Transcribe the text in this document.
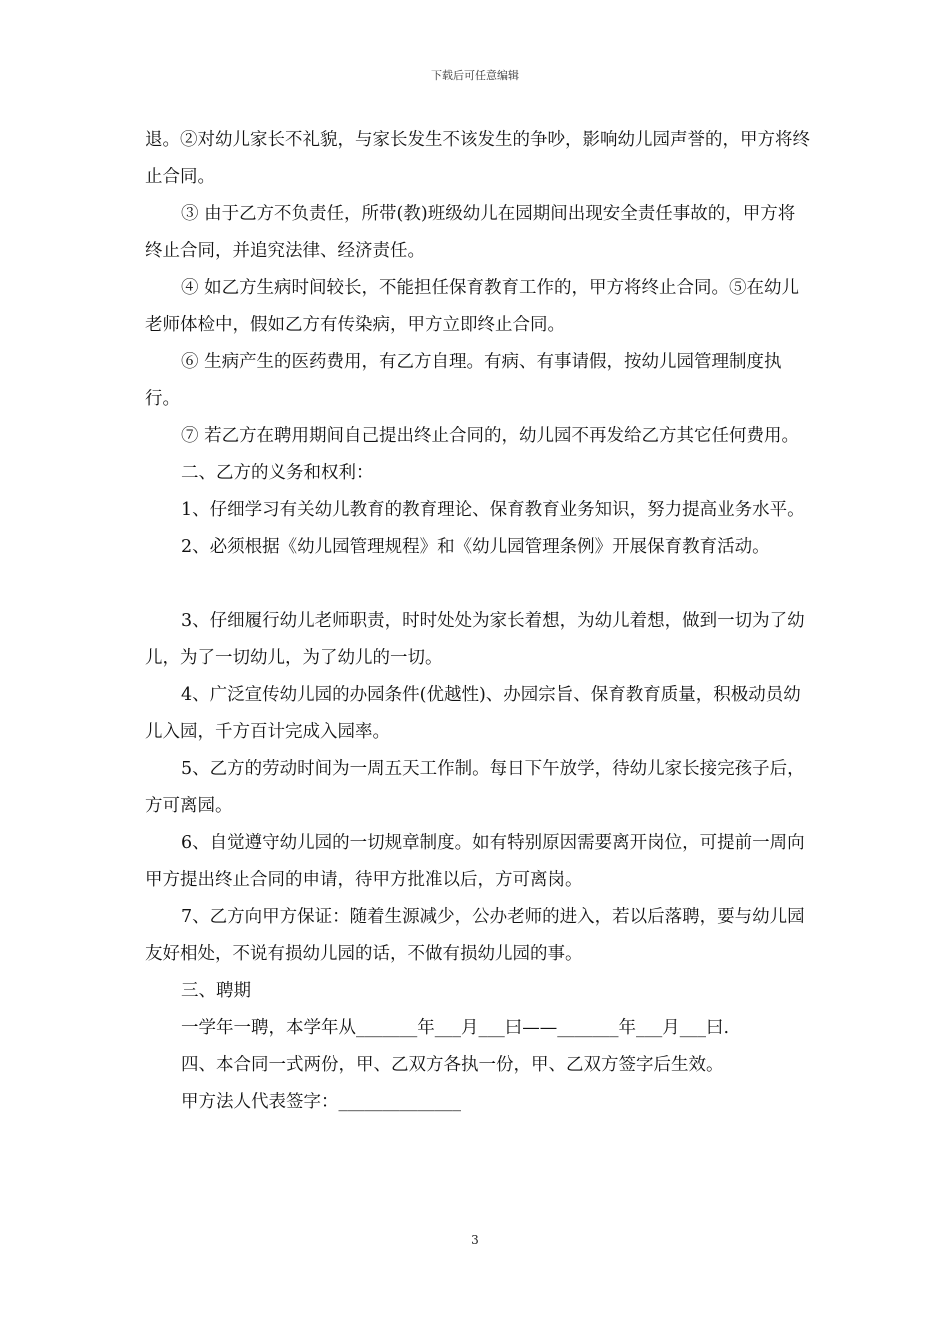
下载后可任意编辑

退。②对幼儿家长不礼貌，与家长发生不该发生的争吵，影响幼儿园声誉的，甲方将终止合同。

③ 由于乙方不负责任，所带(教)班级幼儿在园期间出现安全责任事故的，甲方将终止合同，并追究法律、经济责任。

④ 如乙方生病时间较长，不能担任保育教育工作的，甲方将终止合同。⑤在幼儿老师体检中，假如乙方有传染病，甲方立即终止合同。

⑥ 生病产生的医药费用，有乙方自理。有病、有事请假，按幼儿园管理制度执行。

⑦ 若乙方在聘用期间自己提出终止合同的，幼儿园不再发给乙方其它任何费用。

二、乙方的义务和权利：

1、仔细学习有关幼儿教育的教育理论、保育教育业务知识，努力提高业务水平。

2、必须根据《幼儿园管理规程》和《幼儿园管理条例》开展保育教育活动。

3、仔细履行幼儿老师职责，时时处处为家长着想，为幼儿着想，做到一切为了幼儿，为了一切幼儿，为了幼儿的一切。

4、广泛宣传幼儿园的办园条件(优越性)、办园宗旨、保育教育质量，积极动员幼儿入园，千方百计完成入园率。

5、乙方的劳动时间为一周五天工作制。每日下午放学，待幼儿家长接完孩子后，方可离园。

6、自觉遵守幼儿园的一切规章制度。如有特别原因需要离开岗位，可提前一周向甲方提出终止合同的申请，待甲方批准以后，方可离岗。

7、乙方向甲方保证：随着生源减少，公办老师的进入，若以后落聘，要与幼儿园友好相处，不说有损幼儿园的话，不做有损幼儿园的事。

三、聘期

一学年一聘，本学年从_______年___月___曰——_______年___月___曰.

四、本合同一式两份，甲、乙双方各执一份，甲、乙双方签字后生效。

甲方法人代表签字：______________

3
